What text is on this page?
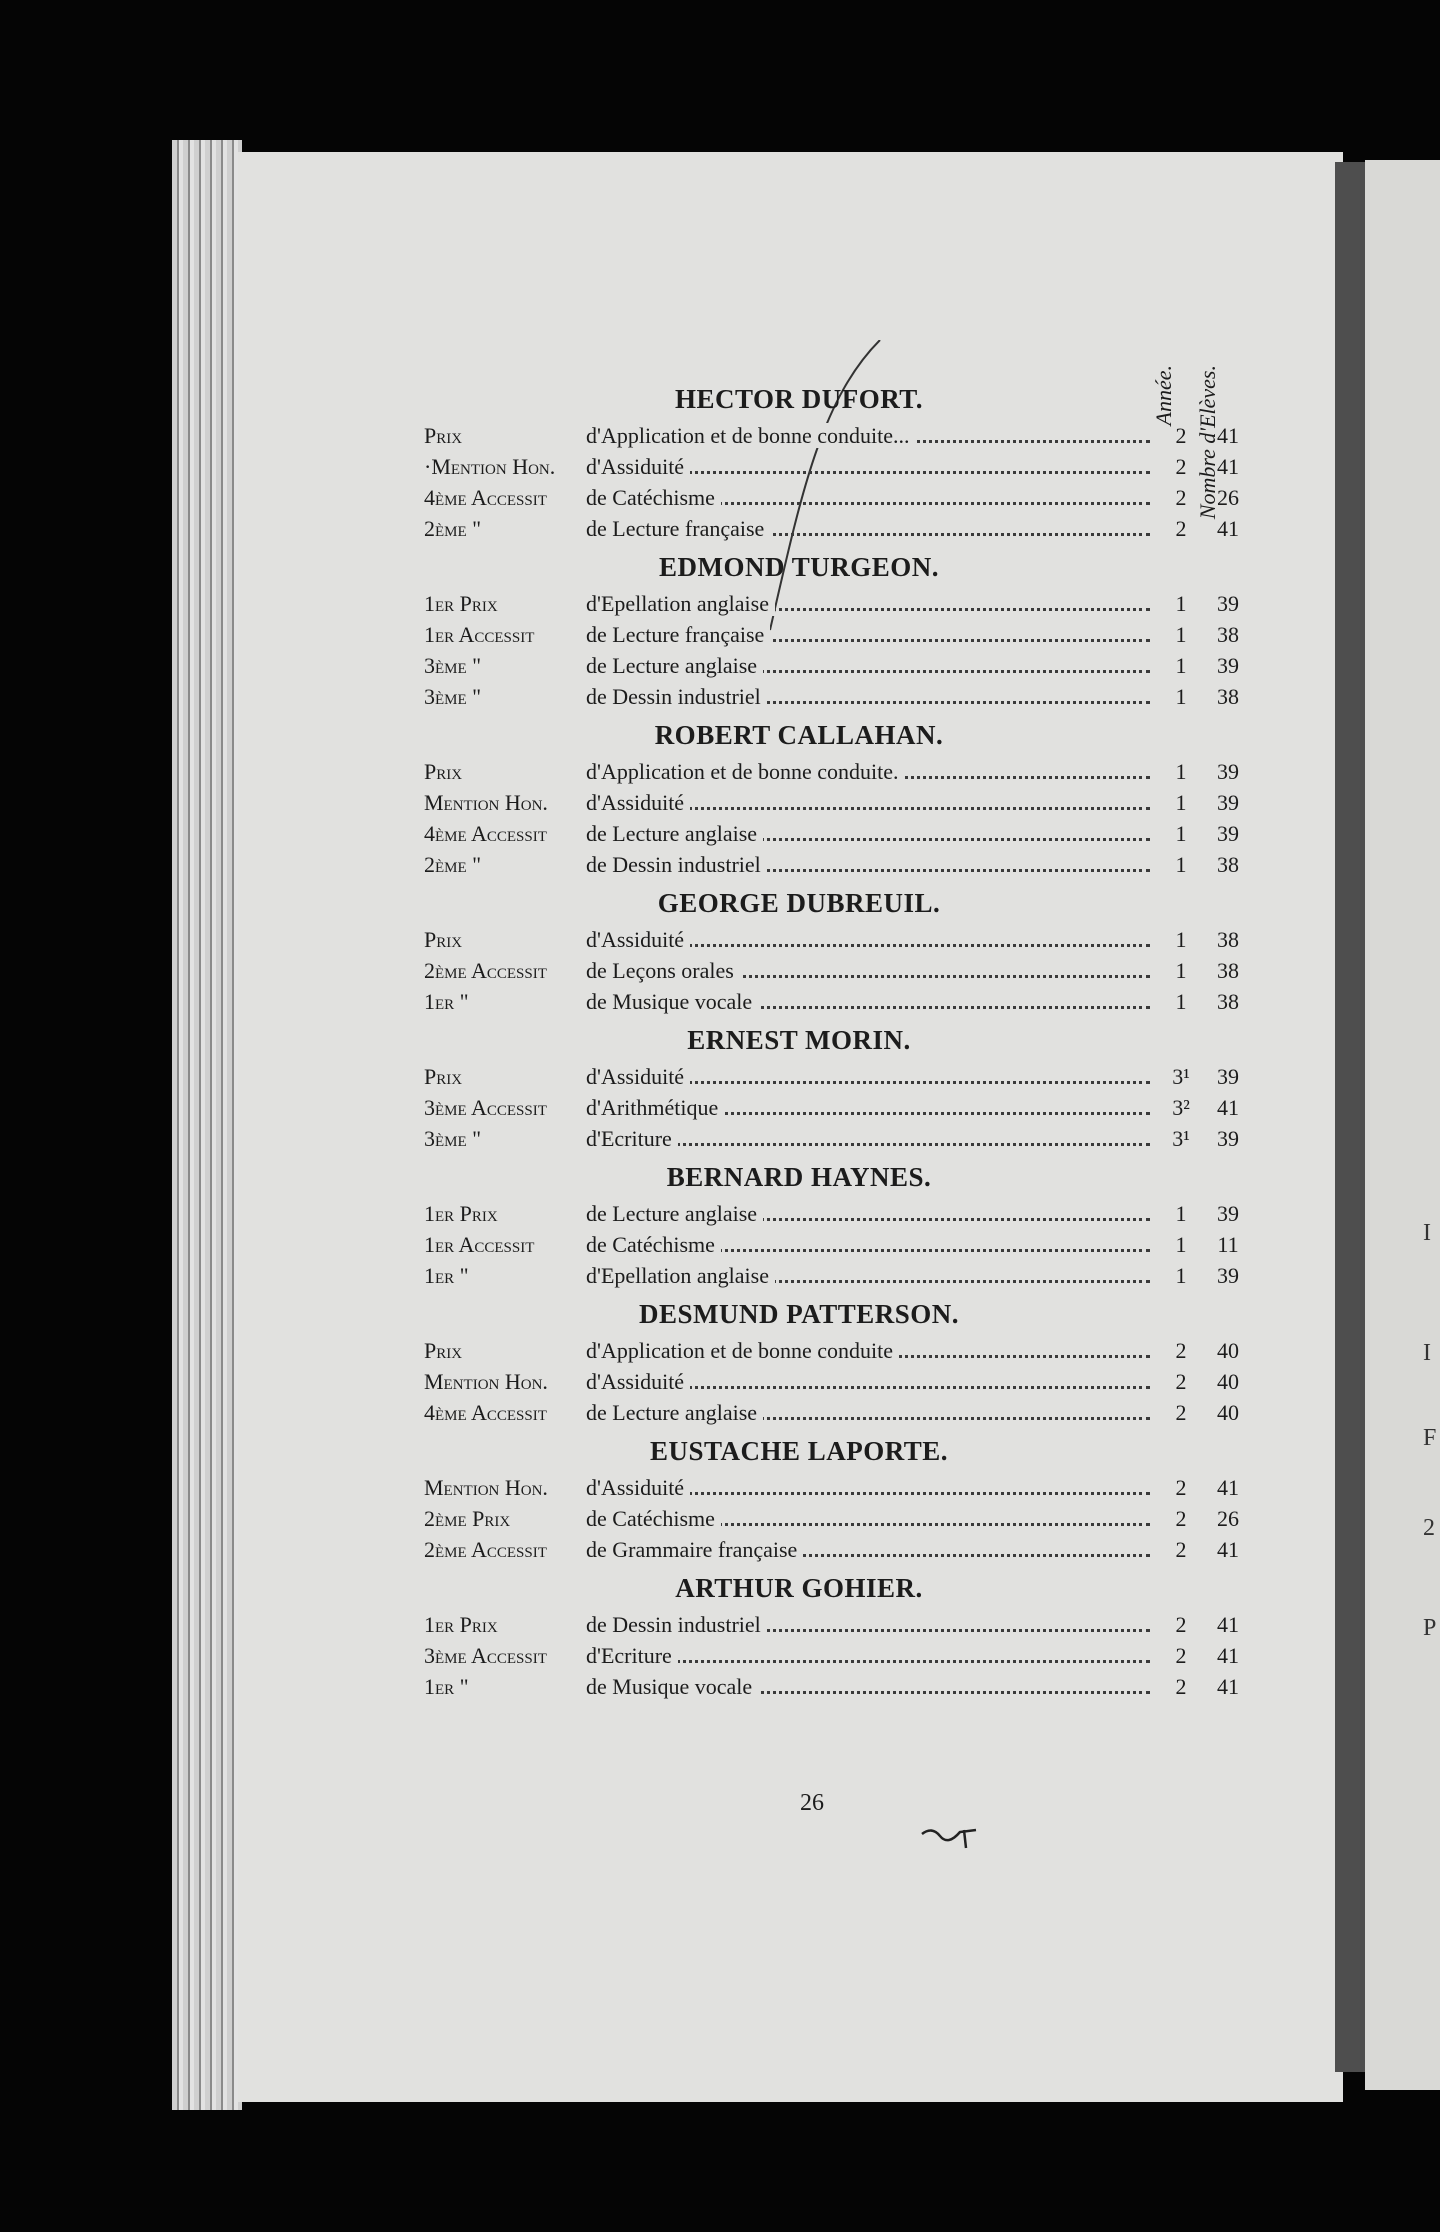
I
I
F
2
P
Année. Nombre d'Elèves.
HECTOR DUFORT.
Prix	d'Application et de bonne conduite...	2	41
·Mention Hon.	d'Assiduité	2	41
4ème Accessit	de Catéchisme	2	26
2ème "	de Lecture française	2	41
EDMOND TURGEON.
1er Prix	d'Epellation anglaise	1	39
1er Accessit	de Lecture française	1	38
3ème "	de Lecture anglaise	1	39
3ème "	de Dessin industriel	1	38
ROBERT CALLAHAN.
Prix	d'Application et de bonne conduite.	1	39
Mention Hon.	d'Assiduité	1	39
4ème Accessit	de Lecture anglaise	1	39
2ème "	de Dessin industriel	1	38
GEORGE DUBREUIL.
Prix	d'Assiduité	1	38
2ème Accessit	de Leçons orales	1	38
1er "	de Musique vocale	1	38
ERNEST MORIN.
Prix	d'Assiduité	3¹	39
3ème Accessit	d'Arithmétique	3²	41
3ème "	d'Ecriture	3¹	39
BERNARD HAYNES.
1er Prix	de Lecture anglaise	1	39
1er Accessit	de Catéchisme	1	11
1er "	d'Epellation anglaise	1	39
DESMUND PATTERSON.
Prix	d'Application et de bonne conduite	2	40
Mention Hon.	d'Assiduité	2	40
4ème Accessit	de Lecture anglaise	2	40
EUSTACHE LAPORTE.
Mention Hon.	d'Assiduité	2	41
2ème Prix	de Catéchisme	2	26
2ème Accessit	de Grammaire française	2	41
ARTHUR GOHIER.
1er Prix	de Dessin industriel	2	41
3ème Accessit	d'Ecriture	2	41
1er "	de Musique vocale	2	41
26
